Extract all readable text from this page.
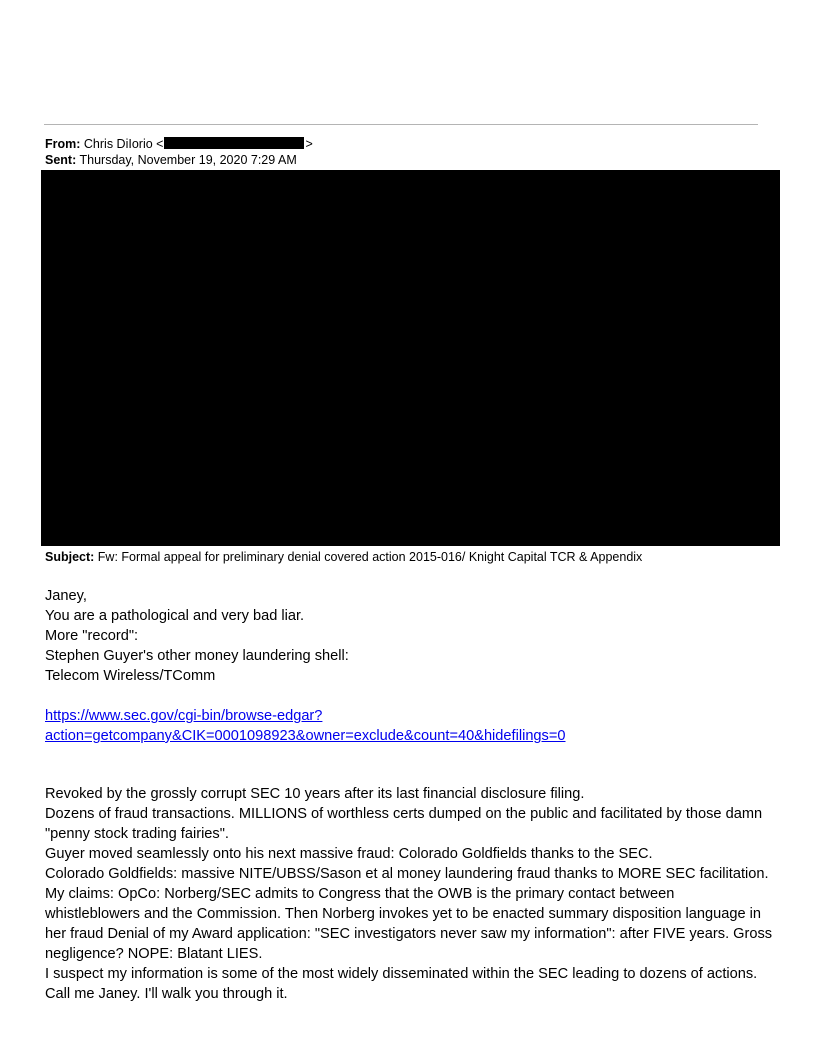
From: Chris DiIorio <	>
Sent: Thursday, November 19, 2020 7:29 AM
Subject: Fw: Formal appeal for preliminary denial covered action 2015-016/ Knight Capital TCR & Appendix
Janey,
You are a pathological and very bad liar.
More "record":
Stephen Guyer's other money laundering shell:
Telecom Wireless/TComm
https://www.sec.gov/cgi-bin/browse-edgar?
action=getcompany&CIK=0001098923&owner=exclude&count=40&hidefilings=0
Revoked by the grossly corrupt SEC 10 years after its last financial disclosure filing.
Dozens of fraud transactions. MILLIONS of worthless certs dumped on the public and facilitated by those damn
"penny stock trading fairies".
Guyer moved seamlessly onto his next massive fraud: Colorado Goldfields thanks to the SEC.
Colorado Goldfields: massive NITE/UBSS/Sason et al money laundering fraud thanks to MORE SEC facilitation.
My claims: OpCo: Norberg/SEC admits to Congress that the OWB is the primary contact between
whistleblowers and the Commission. Then Norberg invokes yet to be enacted summary disposition language in
her fraud Denial of my Award application: "SEC investigators never saw my information": after FIVE years. Gross
negligence? NOPE: Blatant LIES.
I suspect my information is some of the most widely disseminated within the SEC leading to dozens of actions.
Call me Janey. I'll walk you through it.
